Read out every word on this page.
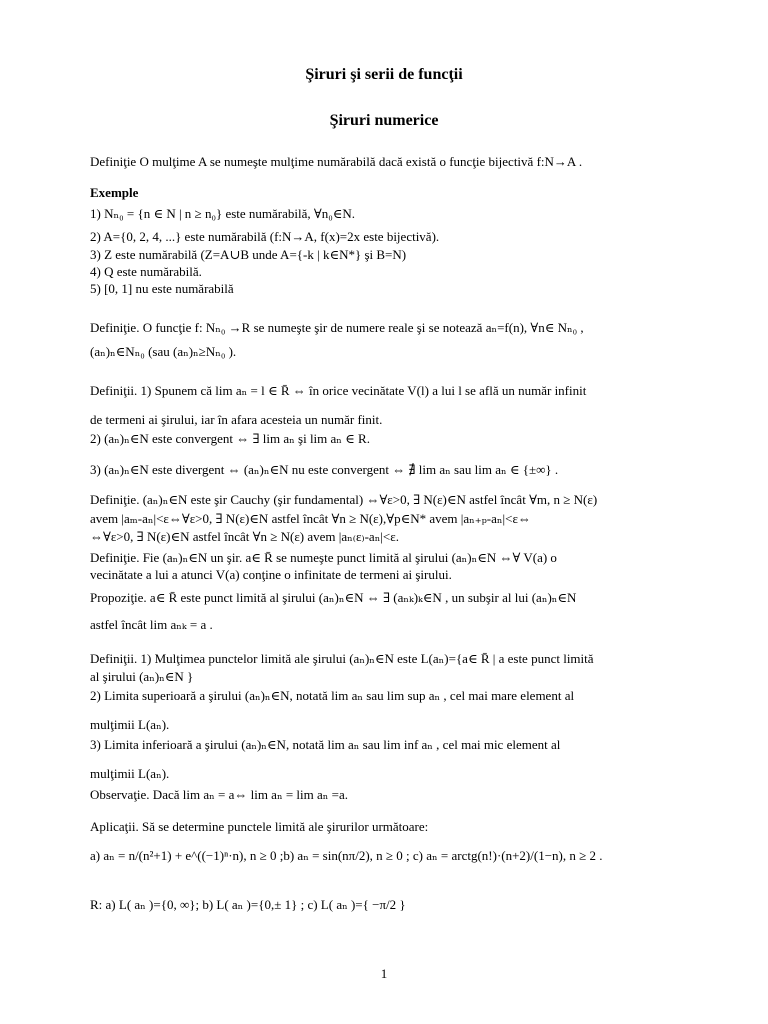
Şiruri şi serii de funcţii
Şiruri numerice
Definiţie O mulţime A se numeşte mulţime numărabilă dacă există o funcţie bijectivă f:N→A .
Exemple
1) Nₙ₀ = {n ∈ N | n ≥ n₀} este numărabilă, ∀n₀∈N.
2) A={0, 2, 4, ...} este numărabilă (f:N→A, f(x)=2x este bijectivă).
3) Z este numărabilă (Z=A∪B unde A={-k | k∈N*} şi B=N)
4) Q este numărabilă.
5) [0, 1] nu este numărabilă
Definiţie. O funcţie f: Nₙ₀ →R se numeşte şir de numere reale şi se notează aₙ=f(n), ∀n∈ Nₙ₀ ,
(aₙ)ₙ∈Nₙ₀ (sau (aₙ)ₙ≥Nₙ₀ ).
Definiţii. 1) Spunem că lim aₙ = l ∈ R̄ ⇔ în orice vecinătate V(l) a lui l se află un număr infinit
de termeni ai şirului, iar în afara acesteia un număr finit.
2) (aₙ)ₙ∈N este convergent ⇔ ∃ lim aₙ şi lim aₙ ∈ R.
3) (aₙ)ₙ∈N este divergent ⇔ (aₙ)ₙ∈N nu este convergent ⇔ ∄ lim aₙ sau lim aₙ ∈ {±∞} .
Definiţie. (aₙ)ₙ∈N este şir Cauchy (şir fundamental) ⇔∀ε>0, ∃ N(ε)∈N astfel încât ∀m, n ≥ N(ε)
avem |aₘ-aₙ|<ε⇔∀ε>0, ∃ N(ε)∈N astfel încât ∀n ≥ N(ε),∀p∈N* avem |aₙ₊ₚ-aₙ|<ε⇔
⇔∀ε>0, ∃ N(ε)∈N astfel încât ∀n ≥ N(ε) avem |aₙ₍ε₎-aₙ|<ε.
Definiţie. Fie (aₙ)ₙ∈N un şir. a∈ R̄ se numeşte punct limită al şirului (aₙ)ₙ∈N ⇔∀ V(a) o
vecinătate a lui a atunci V(a) conţine o infinitate de termeni ai şirului.
Propoziţie. a∈ R̄ este punct limită al şirului (aₙ)ₙ∈N ⇔ ∃ (aₙₖ)ₖ∈N , un subşir al lui (aₙ)ₙ∈N
astfel încât lim aₙₖ = a .
Definiţii. 1) Mulţimea punctelor limită ale şirului (aₙ)ₙ∈N este L(aₙ)={a∈ R̄ | a este punct limită
al şirului (aₙ)ₙ∈N }
2) Limita superioară a şirului (aₙ)ₙ∈N, notată lim aₙ sau lim sup aₙ , cel mai mare element al
mulţimii L(aₙ).
3) Limita inferioară a şirului (aₙ)ₙ∈N, notată lim aₙ sau lim inf aₙ , cel mai mic element al
mulţimii L(aₙ).
Observaţie. Dacă lim aₙ = a⇔ lim aₙ = lim aₙ =a.
Aplicaţii. Să se determine punctele limită ale şirurilor următoare:
a) aₙ = n/(n²+1) + e^((−1)ⁿ·n), n ≥ 0 ;b) aₙ = sin(nπ/2), n ≥ 0 ; c) aₙ = arctg(n!)·(n+2)/(1−n), n ≥ 2 .
R: a) L( aₙ )={0, ∞}; b) L( aₙ )={0,± 1} ; c) L( aₙ )={ −π/2 }
1
